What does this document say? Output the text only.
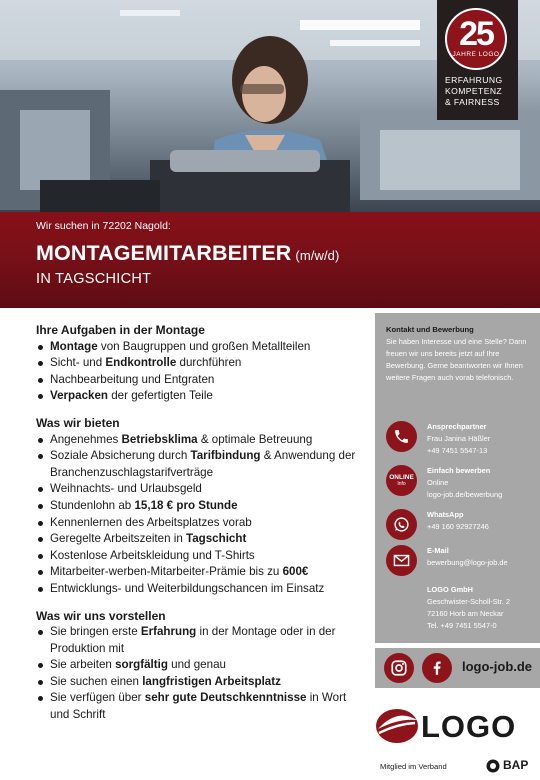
25
JAHRE LOGO
ERFAHRUNG
KOMPETENZ
& FAIRNESS
Wir suchen in 72202 Nagold:
MONTAGEMITARBEITER (m/w/d)
IN TAGSCHICHT
Ihre Aufgaben in der Montage
Montage von Baugruppen und großen Metallteilen
Sicht- und Endkontrolle durchführen
Nachbearbeitung und Entgraten
Verpacken der gefertigten Teile
Was wir bieten
Angenehmes Betriebsklima & optimale Betreuung
Soziale Absicherung durch Tarifbindung & Anwendung der Branchenzuschlagstarifverträge
Weihnachts- und Urlaubsgeld
Stundenlohn ab 15,18 € pro Stunde
Kennenlernen des Arbeitsplatzes vorab
Geregelte Arbeitszeiten in Tagschicht
Kostenlose Arbeitskleidung und T-Shirts
Mitarbeiter-werben-Mitarbeiter-Prämie bis zu 600€
Entwicklungs- und Weiterbildungschancen im Einsatz
Was wir uns vorstellen
Sie bringen erste Erfahrung in der Montage oder in der Produktion mit
Sie arbeiten sorgfältig und genau
Sie suchen einen langfristigen Arbeitsplatz
Sie verfügen über sehr gute Deutschkenntnisse in Wort und Schrift
Kontakt und Bewerbung
Sie haben Interesse und eine Stelle? Dann freuen wir uns bereits jetzt auf Ihre Bewerbung. Gerne beantworten wir Ihnen weitere Fragen auch vorab telefonisch.
Ansprechpartner
Frau Janina Häßler
+49 7451 5547-13
ONLINE
Info
Einfach bewerben
Online
logo-job.de/bewerbung
WhatsApp
+49 160 92927246
E-Mail
bewerbung@logo-job.de
LOGO GmbH
Geschwister-Scholl-Str. 2
72160 Horb am Neckar
Tel. +49 7451 5547-0
logo-job.de
LOGO
Mitglied im Verband	BAP
